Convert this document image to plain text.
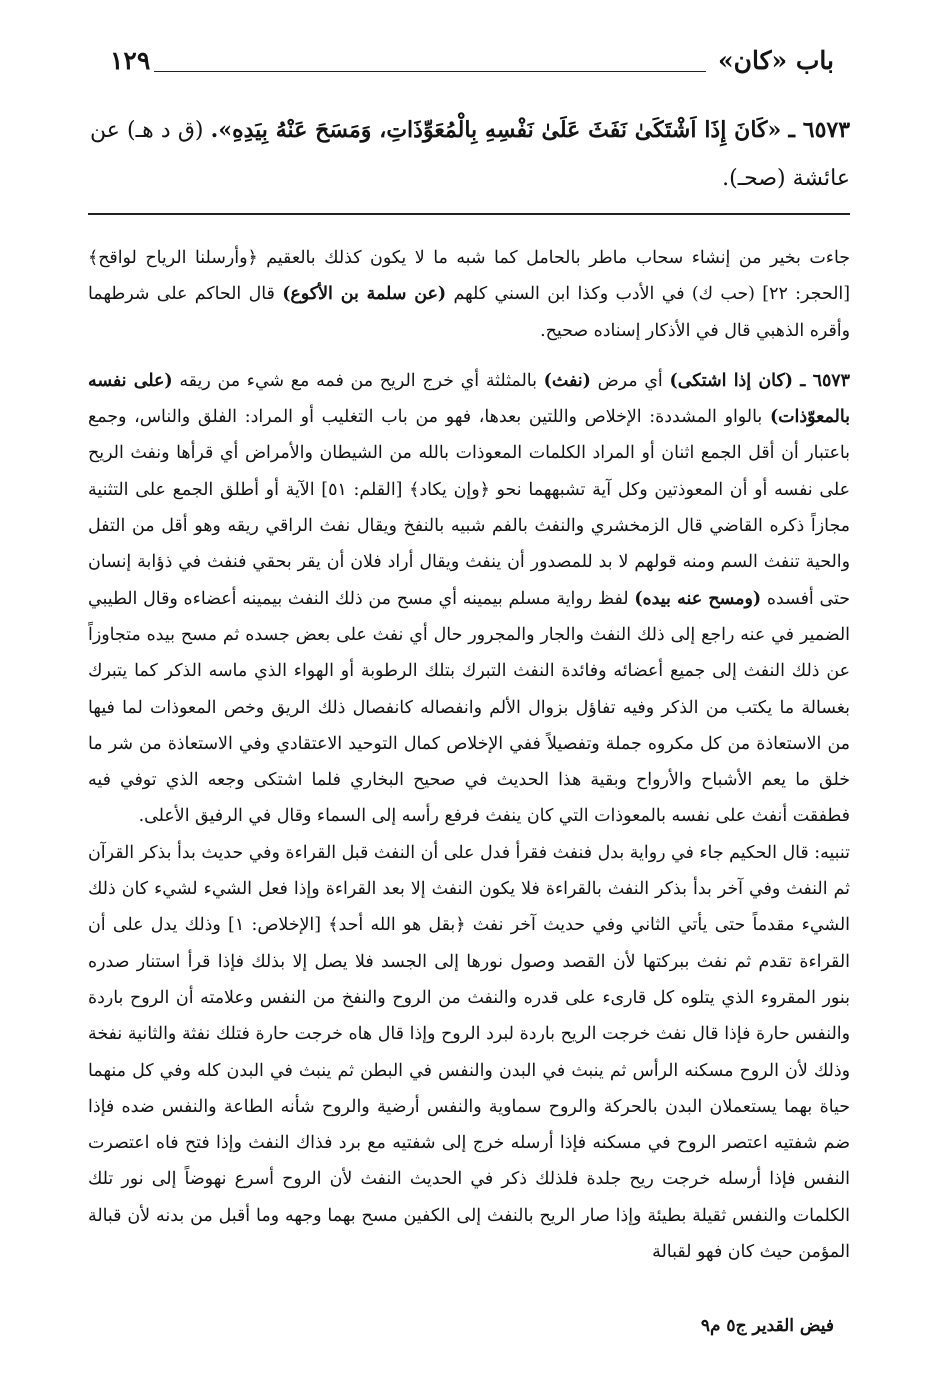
باب «كان»
١٢٩
٦٥٧٣ ـ «كَانَ إِذَا اَشْتَكَىٰ نَفَثَ عَلَىٰ نَفْسِهِ بِالْمُعَوِّذَاتِ، وَمَسَحَ عَنْهُ بِيَدِهِ». (ق د هـ) عن عائشة (صحـ).

جاءت بخير من إنشاء سحاب ماطر بالحامل كما شبه ما لا يكون كذلك بالعقيم ﴿وأرسلنا الرياح لواقح﴾ [الحجر: ٢٢] (حب ك) في الأدب وكذا ابن السني كلهم (عن سلمة بن الأكوع) قال الحاكم على شرطهما وأقره الذهبي قال في الأذكار إسناده صحيح.

٦٥٧٣ ـ (كان إذا اشتكى) أي مرض (نفث) بالمثلثة أي خرج الريح من فمه مع شيء من ريقه (على نفسه بالمعوّذات) بالواو المشددة: الإخلاص واللتين بعدها، فهو من باب التغليب أو المراد: الفلق والناس، وجمع باعتبار أن أقل الجمع اثنان أو المراد الكلمات المعوذات بالله من الشيطان والأمراض أي قرأها ونفث الريح على نفسه أو أن المعوذتين وكل آية تشبههما نحو ﴿وإن يكاد﴾ [القلم: ٥١] الآية أو أطلق الجمع على التثنية مجازاً ذكره القاضي قال الزمخشري والنفث بالفم شبيه بالنفخ ويقال نفث الراقي ريقه وهو أقل من التفل والحية تنفث السم ومنه قولهم لا بد للمصدور أن ينفث ويقال أراد فلان أن يقر بحقي فنفث في ذؤابة إنسان حتى أفسده (ومسح عنه بيده) لفظ رواية مسلم بيمينه أي مسح من ذلك النفث بيمينه أعضاءه وقال الطيبي الضمير في عنه راجع إلى ذلك النفث والجار والمجرور حال أي نفث على بعض جسده ثم مسح بيده متجاوزاً عن ذلك النفث إلى جميع أعضائه وفائدة النفث التبرك بتلك الرطوبة أو الهواء الذي ماسه الذكر كما يتبرك بغسالة ما يكتب من الذكر وفيه تفاؤل بزوال الألم وانفصاله كانفصال ذلك الريق وخص المعوذات لما فيها من الاستعاذة من كل مكروه جملة وتفصيلاً ففي الإخلاص كمال التوحيد الاعتقادي وفي الاستعاذة من شر ما خلق ما يعم الأشباح والأرواح وبقية هذا الحديث في صحيح البخاري فلما اشتكى وجعه الذي توفي فيه فطفقت أنفث على نفسه بالمعوذات التي كان ينفث فرفع رأسه إلى السماء وقال في الرفيق الأعلى.

تنبيه: قال الحكيم جاء في رواية بدل فنفث فقرأ فدل على أن النفث قبل القراءة وفي حديث بدأ بذكر القرآن ثم النفث وفي آخر بدأ بذكر النفث بالقراءة فلا يكون النفث إلا بعد القراءة وإذا فعل الشيء لشيء كان ذلك الشيء مقدماً حتى يأتي الثاني وفي حديث آخر نفث ﴿بقل هو الله أحد﴾ [الإخلاص: ١] وذلك يدل على أن القراءة تقدم ثم نفث ببركتها لأن القصد وصول نورها إلى الجسد فلا يصل إلا بذلك فإذا قرأ استنار صدره بنور المقروء الذي يتلوه كل قارىء على قدره والنفث من الروح والنفخ من النفس وعلامته أن الروح باردة والنفس حارة فإذا قال نفث خرجت الريح باردة لبرد الروح وإذا قال هاه خرجت حارة فتلك نفثة والثانية نفخة وذلك لأن الروح مسكنه الرأس ثم ينبث في البدن والنفس في البطن ثم ينبث في البدن كله وفي كل منهما حياة بهما يستعملان البدن بالحركة والروح سماوية والنفس أرضية والروح شأنه الطاعة والنفس ضده فإذا ضم شفتيه اعتصر الروح في مسكنه فإذا أرسله خرج إلى شفتيه مع برد فذاك النفث وإذا فتح فاه اعتصرت النفس فإذا أرسله خرجت ريح جلدة فلذلك ذكر في الحديث النفث لأن الروح أسرع نهوضاً إلى نور تلك الكلمات والنفس ثقيلة بطيئة وإذا صار الريح بالنفث إلى الكفين مسح بهما وجهه وما أقبل من بدنه لأن قبالة المؤمن حيث كان فهو لقبالة

فيض القدير ج٥ م٩
